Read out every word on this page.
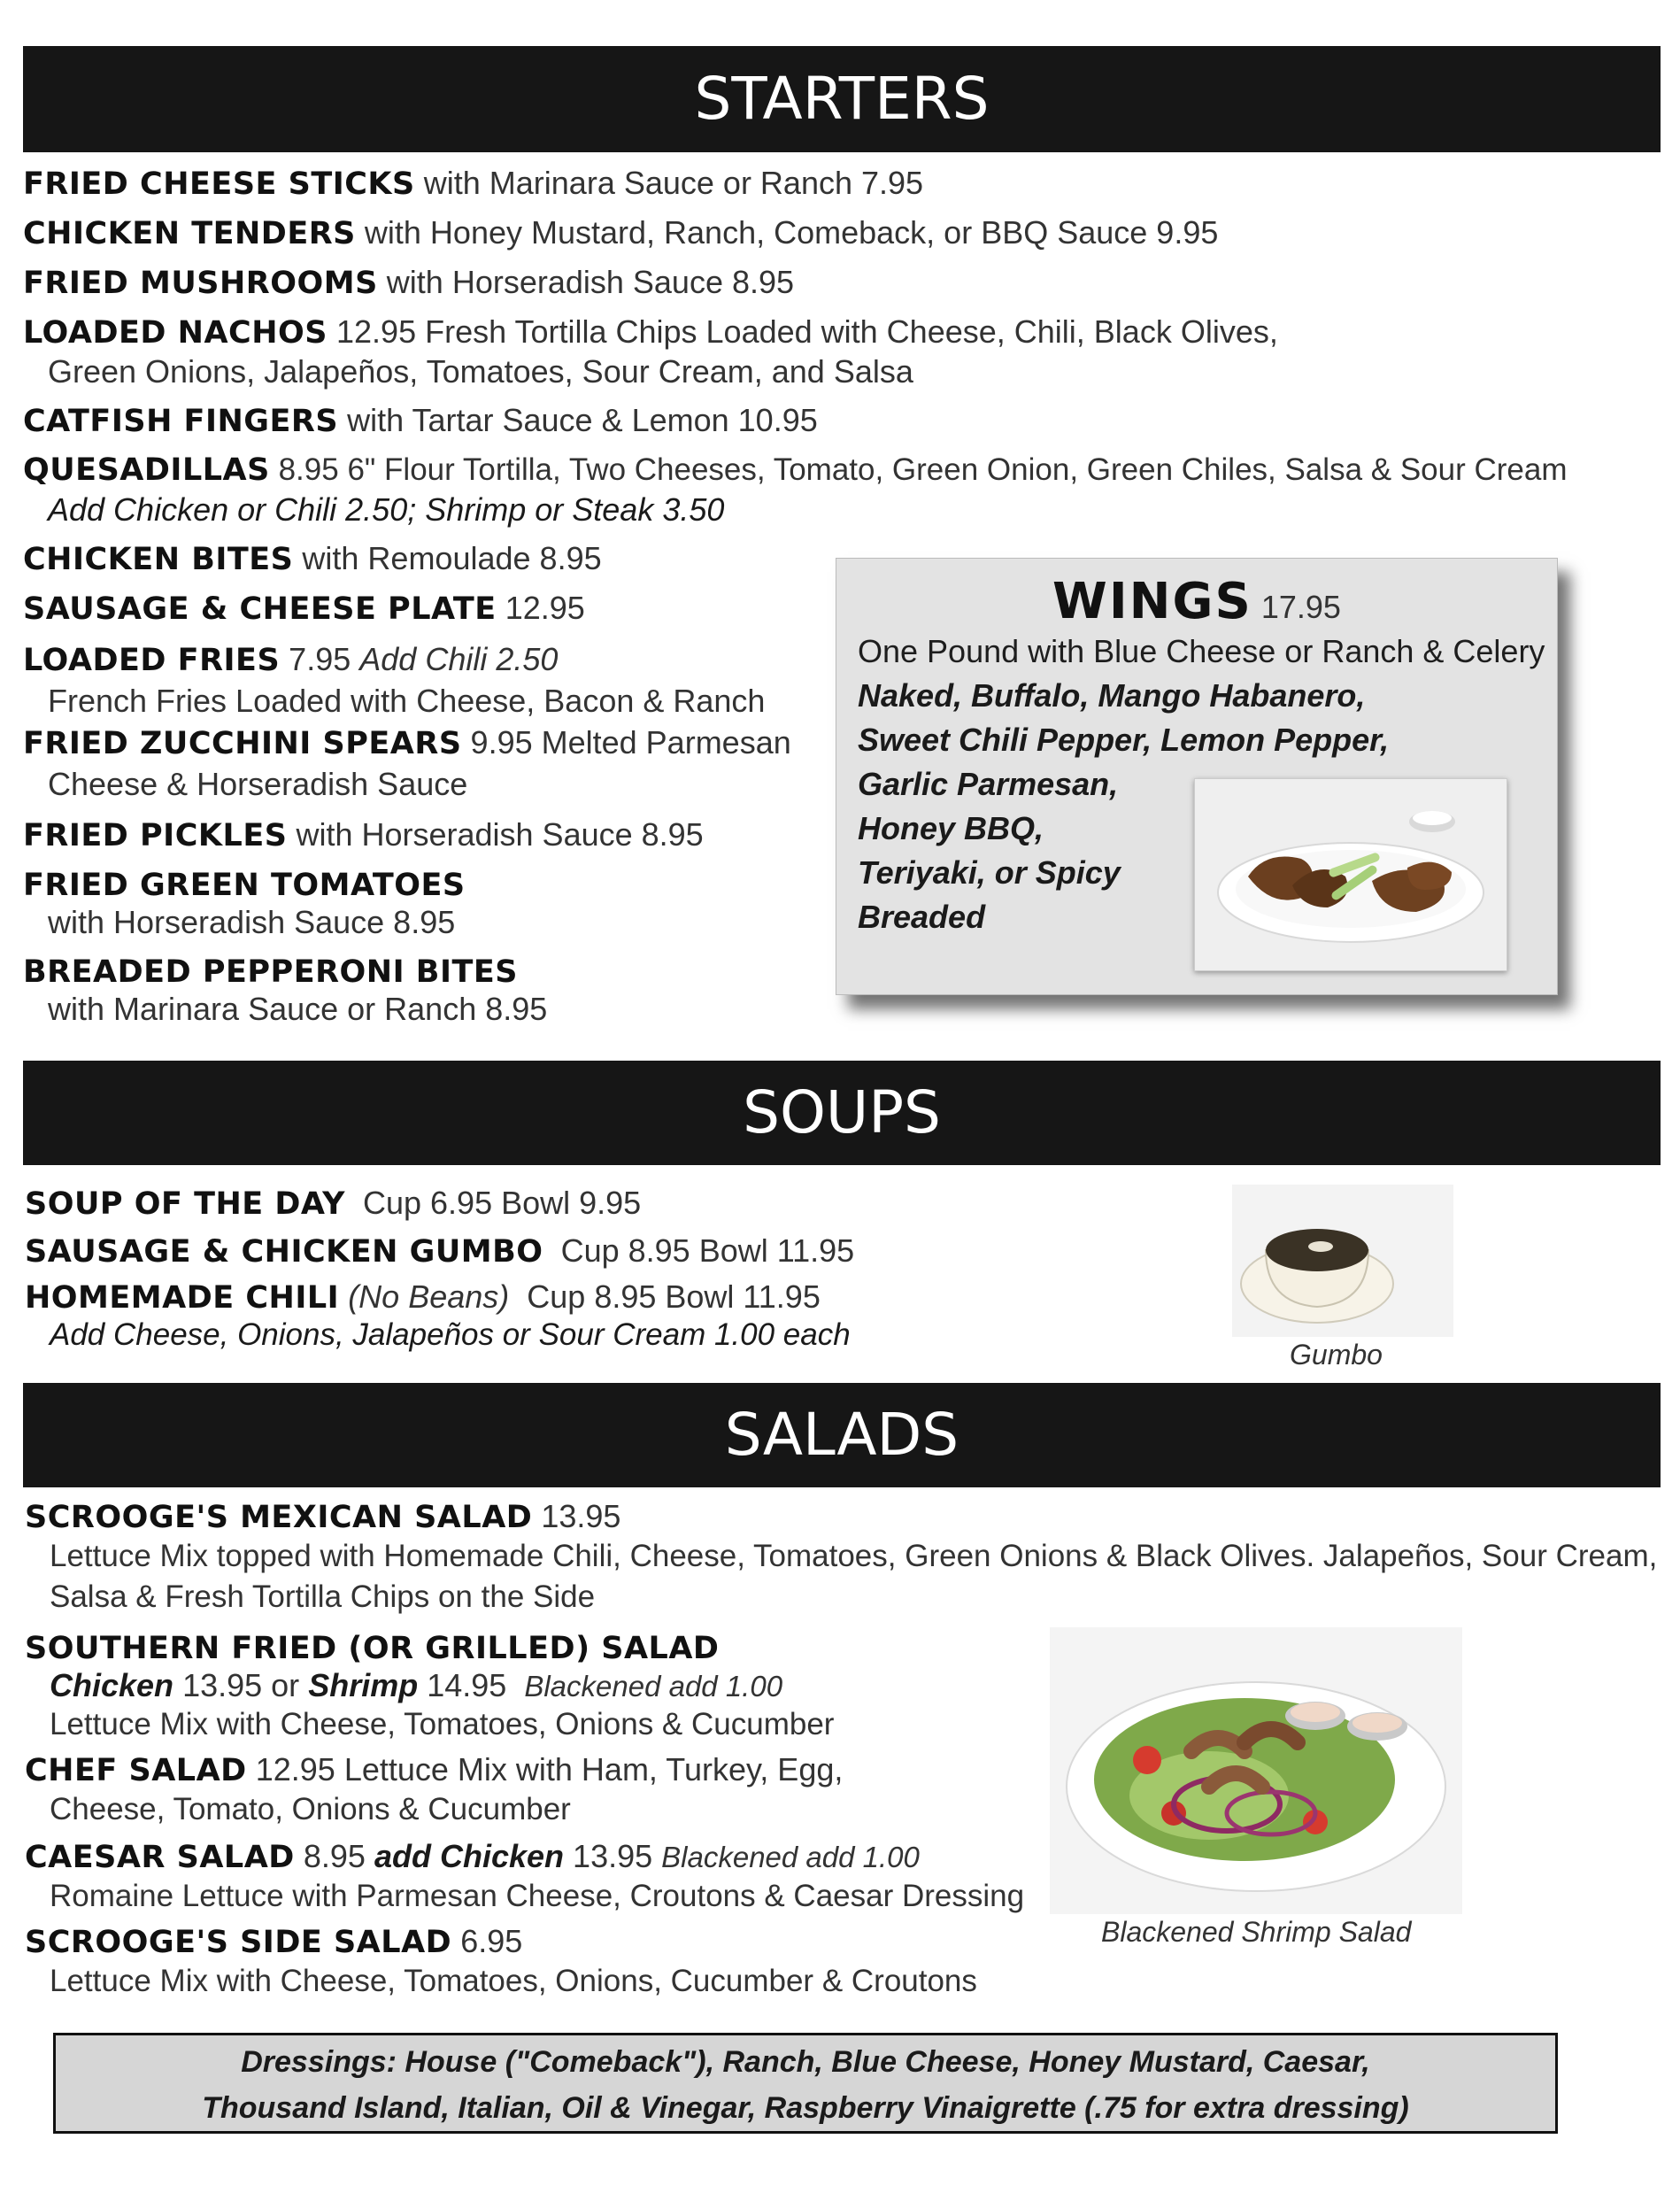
STARTERS
FRIED CHEESE STICKS with Marinara Sauce or Ranch 7.95
CHICKEN TENDERS with Honey Mustard, Ranch, Comeback, or BBQ Sauce 9.95
FRIED MUSHROOMS with Horseradish Sauce 8.95
LOADED NACHOS 12.95 Fresh Tortilla Chips Loaded with Cheese, Chili, Black Olives,
Green Onions, Jalapeños, Tomatoes, Sour Cream, and Salsa
CATFISH FINGERS with Tartar Sauce & Lemon 10.95
QUESADILLAS 8.95 6" Flour Tortilla, Two Cheeses, Tomato, Green Onion, Green Chiles, Salsa & Sour Cream
Add Chicken or Chili 2.50; Shrimp or Steak 3.50
CHICKEN BITES with Remoulade 8.95
SAUSAGE & CHEESE PLATE 12.95
LOADED FRIES 7.95 Add Chili 2.50
French Fries Loaded with Cheese, Bacon & Ranch
FRIED ZUCCHINI SPEARS 9.95 Melted Parmesan
Cheese & Horseradish Sauce
FRIED PICKLES with Horseradish Sauce 8.95
FRIED GREEN TOMATOES
with Horseradish Sauce 8.95
BREADED PEPPERONI BITES
with Marinara Sauce or Ranch 8.95
WINGS 17.95
One Pound with Blue Cheese or Ranch & Celery
Naked, Buffalo, Mango Habanero,
Sweet Chili Pepper, Lemon Pepper,
Garlic Parmesan,
Honey BBQ,
Teriyaki, or Spicy
Breaded
SOUPS
SOUP OF THE DAY Cup 6.95 Bowl 9.95
SAUSAGE & CHICKEN GUMBO Cup 8.95 Bowl 11.95
HOMEMADE CHILI (No Beans) Cup 8.95 Bowl 11.95
Add Cheese, Onions, Jalapeños or Sour Cream 1.00 each
Gumbo
SALADS
SCROOGE'S MEXICAN SALAD 13.95
Lettuce Mix topped with Homemade Chili, Cheese, Tomatoes, Green Onions & Black Olives. Jalapeños, Sour Cream,
Salsa & Fresh Tortilla Chips on the Side
SOUTHERN FRIED (OR GRILLED) SALAD
Chicken 13.95 or Shrimp 14.95 Blackened add 1.00
Lettuce Mix with Cheese, Tomatoes, Onions & Cucumber
CHEF SALAD 12.95 Lettuce Mix with Ham, Turkey, Egg,
Cheese, Tomato, Onions & Cucumber
CAESAR SALAD 8.95 add Chicken 13.95 Blackened add 1.00
Romaine Lettuce with Parmesan Cheese, Croutons & Caesar Dressing
SCROOGE'S SIDE SALAD 6.95
Lettuce Mix with Cheese, Tomatoes, Onions, Cucumber & Croutons
Blackened Shrimp Salad
Dressings: House ("Comeback"), Ranch, Blue Cheese, Honey Mustard, Caesar,
Thousand Island, Italian, Oil & Vinegar, Raspberry Vinaigrette (.75 for extra dressing)
